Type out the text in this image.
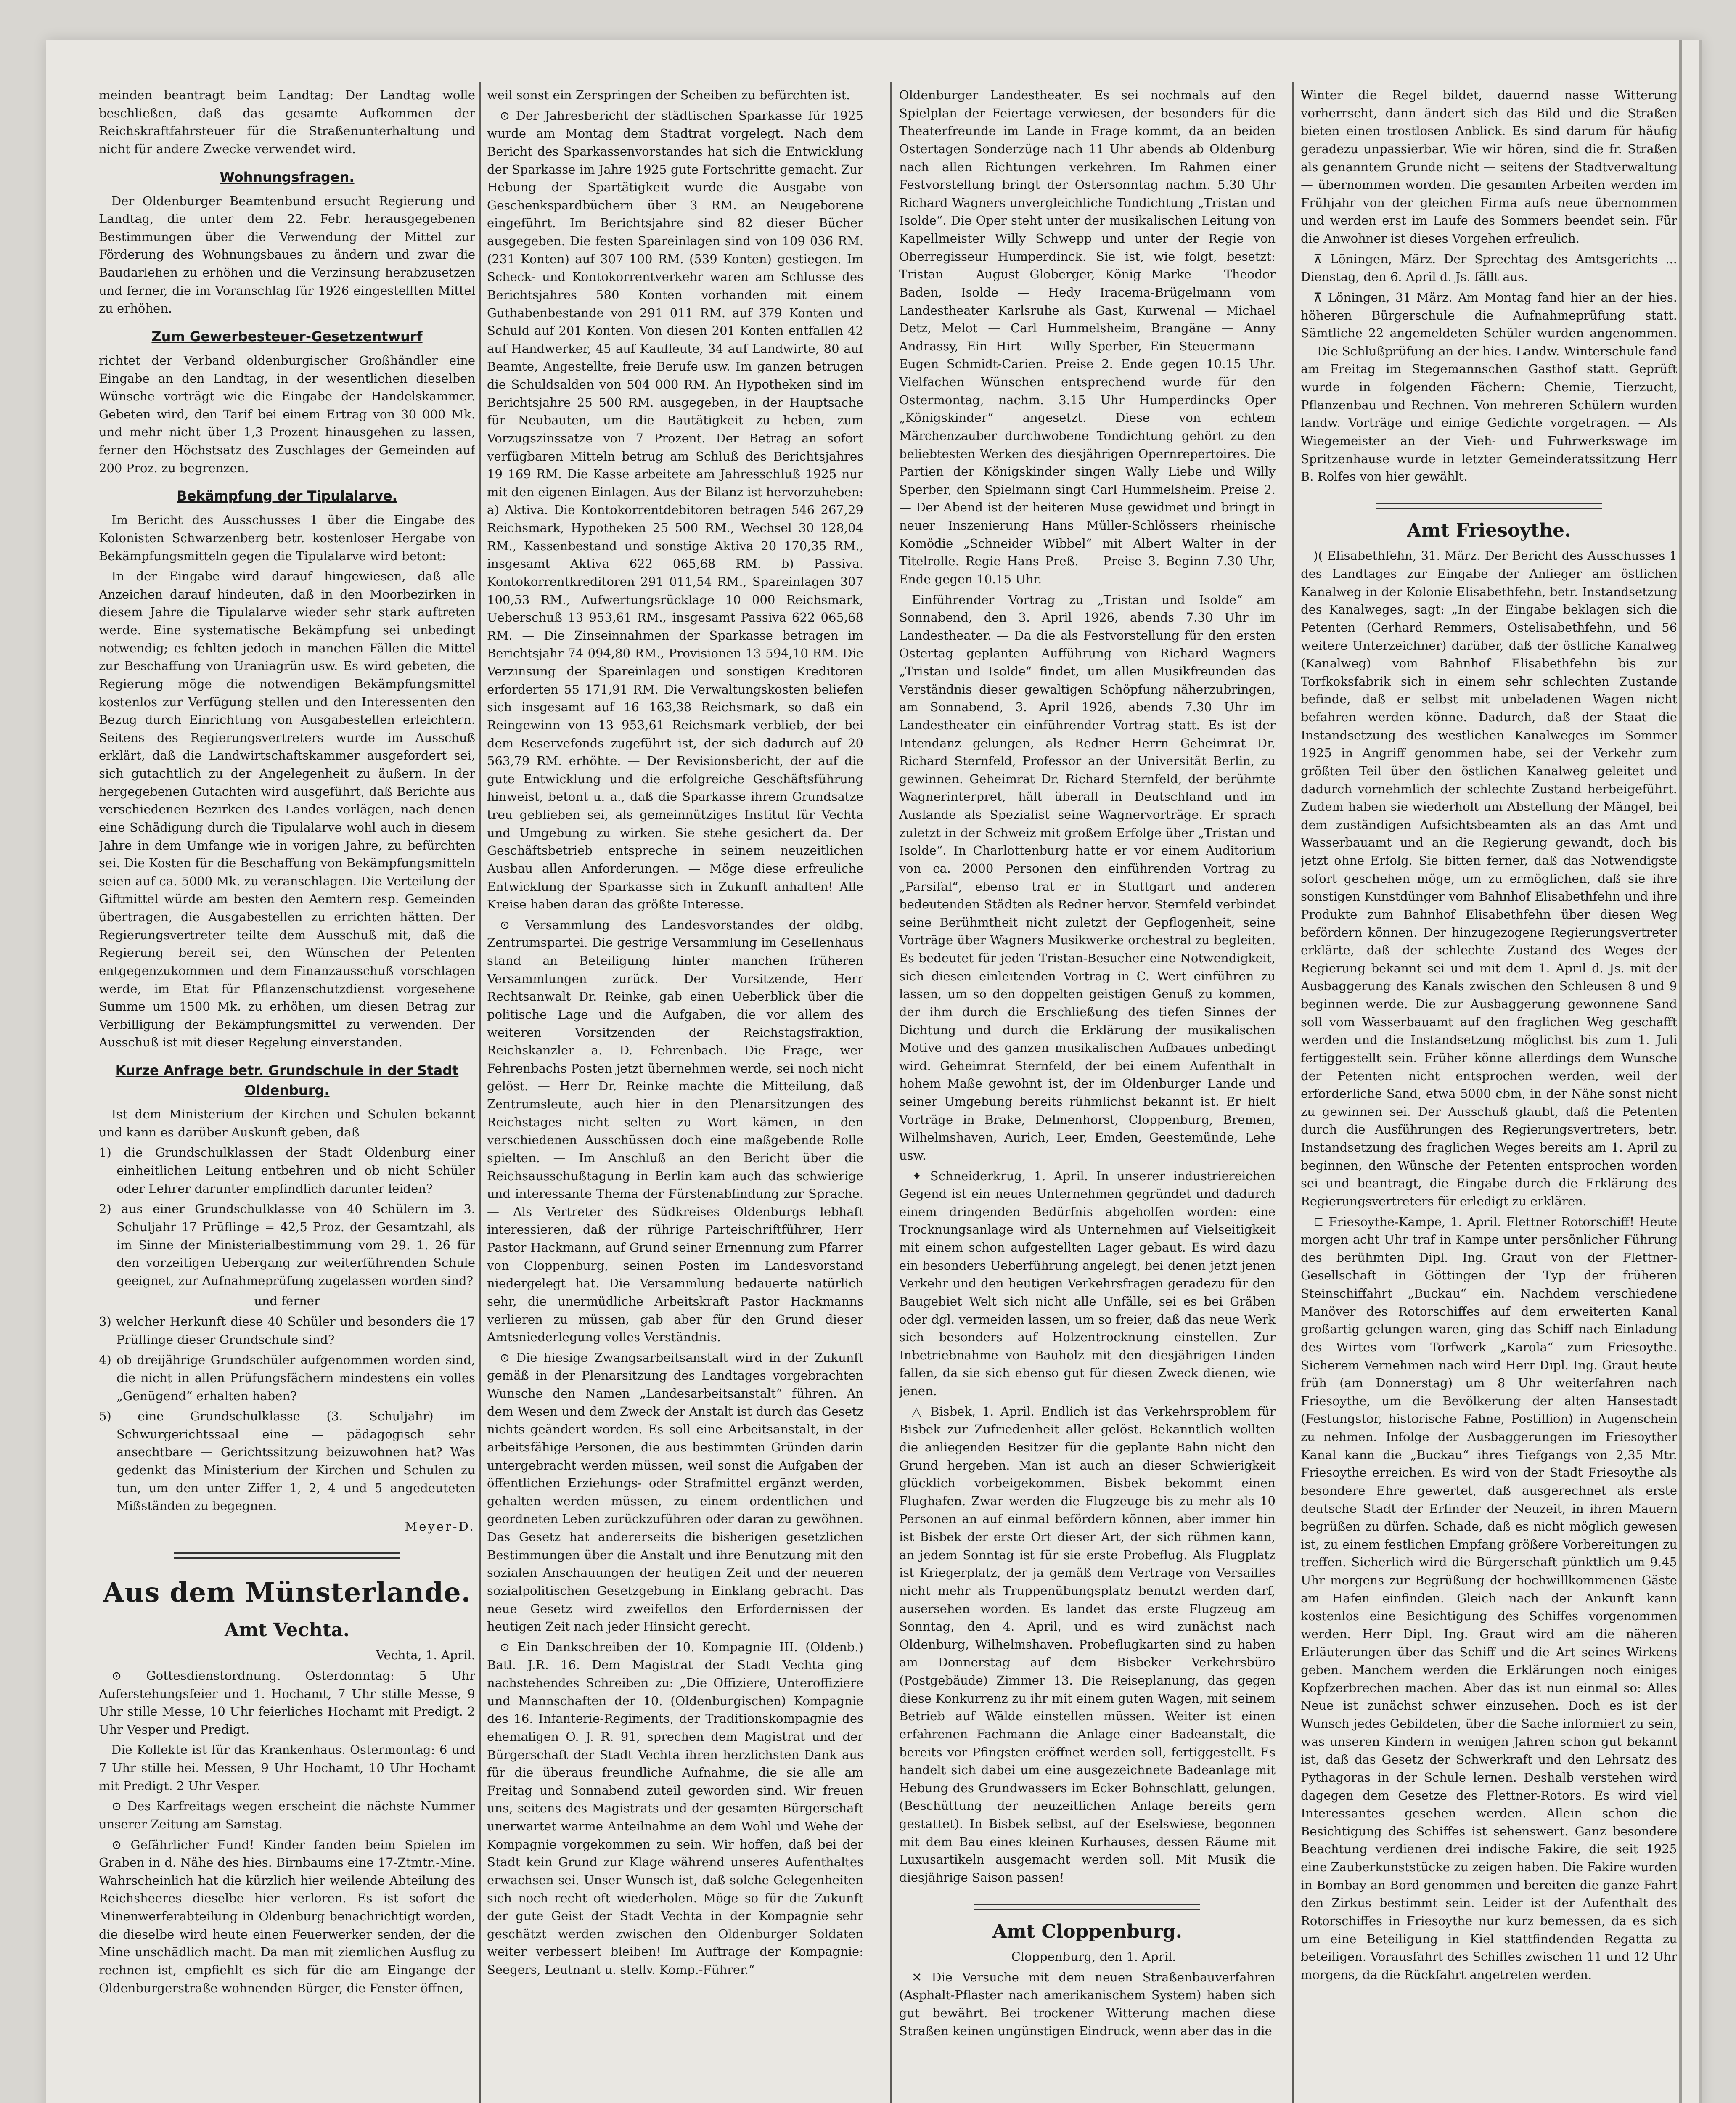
meinden beantragt beim Landtag: Der Landtag wolle beschließen, daß das gesamte Aufkommen der Reichskraftfahrsteuer für die Straßenunterhaltung und nicht für andere Zwecke verwendet wird.

Wohnungsfragen.

Der Oldenburger Beamtenbund ersucht Regierung und Landtag, die unter dem 22. Febr. herausgegebenen Bestimmungen über die Verwendung der Mittel zur Förderung des Wohnungsbaues zu ändern und zwar die Baudarlehen zu erhöhen und die Verzinsung herabzusetzen und ferner, die im Voranschlag für 1926 eingestellten Mittel zu erhöhen.

Zum Gewerbesteuer-Gesetzentwurf

richtet der Verband oldenburgischer Großhändler eine Eingabe an den Landtag, in der wesentlichen dieselben Wünsche vorträgt wie die Eingabe der Handelskammer. Gebeten wird, den Tarif bei einem Ertrag von 30 000 Mk. und mehr nicht über 1,3 Prozent hinausgehen zu lassen, ferner den Höchstsatz des Zuschlages der Gemeinden auf 200 Proz. zu begrenzen.

Bekämpfung der Tipulalarve.

Im Bericht des Ausschusses 1 über die Eingabe des Kolonisten Schwarzenberg betr. kostenloser Hergabe von Bekämpfungsmitteln gegen die Tipulalarve wird betont:

In der Eingabe wird darauf hingewiesen, daß alle Anzeichen darauf hindeuten, daß in den Moorbezirken in diesem Jahre die Tipulalarve wieder sehr stark auftreten werde. Eine systematische Bekämpfung sei unbedingt notwendig; es fehlten jedoch in manchen Fällen die Mittel zur Beschaffung von Uraniagrün usw. Es wird gebeten, die Regierung möge die notwendigen Bekämpfungsmittel kostenlos zur Verfügung stellen und den Interessenten den Bezug durch Einrichtung von Ausgabestellen erleichtern. Seitens des Regierungsvertreters wurde im Ausschuß erklärt, daß die Landwirtschaftskammer ausgefordert sei, sich gutachtlich zu der Angelegenheit zu äußern. In der hergegebenen Gutachten wird ausgeführt, daß Berichte aus verschiedenen Bezirken des Landes vorlägen, nach denen eine Schädigung durch die Tipulalarve wohl auch in diesem Jahre in dem Umfange wie in vorigen Jahre, zu befürchten sei. Die Kosten für die Beschaffung von Bekämpfungsmitteln seien auf ca. 5000 Mk. zu veranschlagen. Die Verteilung der Giftmittel würde am besten den Aemtern resp. Gemeinden übertragen, die Ausgabestellen zu errichten hätten. Der Regierungsvertreter teilte dem Ausschuß mit, daß die Regierung bereit sei, den Wünschen der Petenten entgegenzukommen und dem Finanzausschuß vorschlagen werde, im Etat für Pflanzenschutzdienst vorgesehene Summe um 1500 Mk. zu erhöhen, um diesen Betrag zur Verbilligung der Bekämpfungsmittel zu verwenden. Der Ausschuß ist mit dieser Regelung einverstanden.

Kurze Anfrage betr. Grundschule in der Stadt Oldenburg.

Ist dem Ministerium der Kirchen und Schulen bekannt und kann es darüber Auskunft geben, daß

1) die Grundschulklassen der Stadt Oldenburg einer einheitlichen Leitung entbehren und ob nicht Schüler oder Lehrer darunter empfindlich darunter leiden?

2) aus einer Grundschulklasse von 40 Schülern im 3. Schuljahr 17 Prüflinge = 42,5 Proz. der Gesamtzahl, als im Sinne der Ministerialbestimmung vom 29. 1. 26 für den vorzeitigen Uebergang zur weiterführenden Schule geeignet, zur Aufnahmeprüfung zugelassen worden sind?

und ferner

3) welcher Herkunft diese 40 Schüler und besonders die 17 Prüflinge dieser Grundschule sind?

4) ob dreijährige Grundschüler aufgenommen worden sind, die nicht in allen Prüfungsfächern mindestens ein volles „Genügend“ erhalten haben?

5) eine Grundschulklasse (3. Schuljahr) im Schwurgerichtssaal eine — pädagogisch sehr ansechtbare — Gerichtssitzung beizuwohnen hat? Was gedenkt das Ministerium der Kirchen und Schulen zu tun, um den unter Ziffer 1, 2, 4 und 5 angedeuteten Mißständen zu begegnen.

Meyer-D.

Aus dem Münsterlande.
Amt Vechta.

Vechta, 1. April.

⊙ Gottesdienstordnung. Osterdonntag: 5 Uhr Auferstehungsfeier und 1. Hochamt, 7 Uhr stille Messe, 9 Uhr stille Messe, 10 Uhr feierliches Hochamt mit Predigt. 2 Uhr Vesper und Predigt.

Die Kollekte ist für das Krankenhaus. Ostermontag: 6 und 7 Uhr stille hei. Messen, 9 Uhr Hochamt, 10 Uhr Hochamt mit Predigt. 2 Uhr Vesper.

⊙ Des Karfreitags wegen erscheint die nächste Nummer unserer Zeitung am Samstag.

⊙ Gefährlicher Fund! Kinder fanden beim Spielen im Graben in d. Nähe des hies. Birnbaums eine 17-Ztmtr.-Mine. Wahrscheinlich hat die kürzlich hier weilende Abteilung des Reichsheeres dieselbe hier verloren. Es ist sofort die Minenwerferabteilung in Oldenburg benachrichtigt worden, die dieselbe wird heute einen Feuerwerker senden, der die Mine unschädlich macht. Da man mit ziemlichen Ausflug zu rechnen ist, empfiehlt es sich für die am Eingange der Oldenburgerstraße wohnenden Bürger, die Fenster öffnen,

weil sonst ein Zerspringen der Scheiben zu befürchten ist.

⊙ Der Jahresbericht der städtischen Sparkasse für 1925 wurde am Montag dem Stadtrat vorgelegt. Nach dem Bericht des Sparkassenvorstandes hat sich die Entwicklung der Sparkasse im Jahre 1925 gute Fortschritte gemacht. Zur Hebung der Spartätigkeit wurde die Ausgabe von Geschenkspardbüchern über 3 RM. an Neugeborene eingeführt. Im Berichtsjahre sind 82 dieser Bücher ausgegeben. Die festen Spareinlagen sind von 109 036 RM. (231 Konten) auf 307 100 RM. (539 Konten) gestiegen. Im Scheck- und Kontokorrentverkehr waren am Schlusse des Berichtsjahres 580 Konten vorhanden mit einem Guthabenbestande von 291 011 RM. auf 379 Konten und Schuld auf 201 Konten. Von diesen 201 Konten entfallen 42 auf Handwerker, 45 auf Kaufleute, 34 auf Landwirte, 80 auf Beamte, Angestellte, freie Berufe usw. Im ganzen betrugen die Schuldsalden von 504 000 RM. An Hypotheken sind im Berichtsjahre 25 500 RM. ausgegeben, in der Hauptsache für Neubauten, um die Bautätigkeit zu heben, zum Vorzugszinssatze von 7 Prozent. Der Betrag an sofort verfügbaren Mitteln betrug am Schluß des Berichtsjahres 19 169 RM. Die Kasse arbeitete am Jahresschluß 1925 nur mit den eigenen Einlagen. Aus der Bilanz ist hervorzuheben: a) Aktiva. Die Kontokorrentdebitoren betragen 546 267,29 Reichsmark, Hypotheken 25 500 RM., Wechsel 30 128,04 RM., Kassenbestand und sonstige Aktiva 20 170,35 RM., insgesamt Aktiva 622 065,68 RM. b) Passiva. Kontokorrentkreditoren 291 011,54 RM., Spareinlagen 307 100,53 RM., Aufwertungsrücklage 10 000 Reichsmark, Ueberschuß 13 953,61 RM., insgesamt Passiva 622 065,68 RM. — Die Zinseinnahmen der Sparkasse betragen im Berichtsjahr 74 094,80 RM., Provisionen 13 594,10 RM. Die Verzinsung der Spareinlagen und sonstigen Kreditoren erforderten 55 171,91 RM. Die Verwaltungskosten beliefen sich insgesamt auf 16 163,38 Reichsmark, so daß ein Reingewinn von 13 953,61 Reichsmark verblieb, der bei dem Reservefonds zugeführt ist, der sich dadurch auf 20 563,79 RM. erhöhte. — Der Revisionsbericht, der auf die gute Entwicklung und die erfolgreiche Geschäftsführung hinweist, betont u. a., daß die Sparkasse ihrem Grundsatze treu geblieben sei, als gemeinnütziges Institut für Vechta und Umgebung zu wirken. Sie stehe gesichert da. Der Geschäftsbetrieb entspreche in seinem neuzeitlichen Ausbau allen Anforderungen. — Möge diese erfreuliche Entwicklung der Sparkasse sich in Zukunft anhalten! Alle Kreise haben daran das größte Interesse.

⊙ Versammlung des Landesvorstandes der oldbg. Zentrumspartei. Die gestrige Versammlung im Gesellenhaus stand an Beteiligung hinter manchen früheren Versammlungen zurück. Der Vorsitzende, Herr Rechtsanwalt Dr. Reinke, gab einen Ueberblick über die politische Lage und die Aufgaben, die vor allem des weiteren Vorsitzenden der Reichstagsfraktion, Reichskanzler a. D. Fehrenbach. Die Frage, wer Fehrenbachs Posten jetzt übernehmen werde, sei noch nicht gelöst. — Herr Dr. Reinke machte die Mitteilung, daß Zentrumsleute, auch hier in den Plenarsitzungen des Reichstages nicht selten zu Wort kämen, in den verschiedenen Ausschüssen doch eine maßgebende Rolle spielten. — Im Anschluß an den Bericht über die Reichsausschußtagung in Berlin kam auch das schwierige und interessante Thema der Fürstenabfindung zur Sprache. — Als Vertreter des Südkreises Oldenburgs lebhaft interessieren, daß der rührige Parteischriftführer, Herr Pastor Hackmann, auf Grund seiner Ernennung zum Pfarrer von Cloppenburg, seinen Posten im Landesvorstand niedergelegt hat. Die Versammlung bedauerte natürlich sehr, die unermüdliche Arbeitskraft Pastor Hackmanns verlieren zu müssen, gab aber für den Grund dieser Amtsniederlegung volles Verständnis.

⊙ Die hiesige Zwangsarbeitsanstalt wird in der Zukunft gemäß in der Plenarsitzung des Landtages vorgebrachten Wunsche den Namen „Landesarbeitsanstalt“ führen. An dem Wesen und dem Zweck der Anstalt ist durch das Gesetz nichts geändert worden. Es soll eine Arbeitsanstalt, in der arbeitsfähige Personen, die aus bestimmten Gründen darin untergebracht werden müssen, weil sonst die Aufgaben der öffentlichen Erziehungs- oder Strafmittel ergänzt werden, gehalten werden müssen, zu einem ordentlichen und geordneten Leben zurückzuführen oder daran zu gewöhnen. Das Gesetz hat andererseits die bisherigen gesetzlichen Bestimmungen über die Anstalt und ihre Benutzung mit den sozialen Anschauungen der heutigen Zeit und der neueren sozialpolitischen Gesetzgebung in Einklang gebracht. Das neue Gesetz wird zweifellos den Erfordernissen der heutigen Zeit nach jeder Hinsicht gerecht.

⊙ Ein Dankschreiben der 10. Kompagnie III. (Oldenb.) Batl. J.R. 16. Dem Magistrat der Stadt Vechta ging nachstehendes Schreiben zu: „Die Offiziere, Unteroffiziere und Mannschaften der 10. (Oldenburgischen) Kompagnie des 16. Infanterie-Regiments, der Traditionskompagnie des ehemaligen O. J. R. 91, sprechen dem Magistrat und der Bürgerschaft der Stadt Vechta ihren herzlichsten Dank aus für die überaus freundliche Aufnahme, die sie alle am Freitag und Sonnabend zuteil geworden sind. Wir freuen uns, seitens des Magistrats und der gesamten Bürgerschaft unerwartet warme Anteilnahme an dem Wohl und Wehe der Kompagnie vorgekommen zu sein. Wir hoffen, daß bei der Stadt kein Grund zur Klage während unseres Aufenthaltes erwachsen sei. Unser Wunsch ist, daß solche Gelegenheiten sich noch recht oft wiederholen. Möge so für die Zukunft der gute Geist der Stadt Vechta in der Kompagnie sehr geschätzt werden zwischen den Oldenburger Soldaten weiter verbessert bleiben! Im Auftrage der Kompagnie: Seegers, Leutnant u. stellv. Komp.-Führer.“

Oldenburger Landestheater. Es sei nochmals auf den Spielplan der Feiertage verwiesen, der besonders für die Theaterfreunde im Lande in Frage kommt, da an beiden Ostertagen Sonderzüge nach 11 Uhr abends ab Oldenburg nach allen Richtungen verkehren. Im Rahmen einer Festvorstellung bringt der Ostersonntag nachm. 5.30 Uhr Richard Wagners unvergleichliche Tondichtung „Tristan und Isolde“. Die Oper steht unter der musikalischen Leitung von Kapellmeister Willy Schwepp und unter der Regie von Oberregisseur Humperdinck. Sie ist, wie folgt, besetzt: Tristan — August Globerger, König Marke — Theodor Baden, Isolde — Hedy Iracema-Brügelmann vom Landestheater Karlsruhe als Gast, Kurwenal — Michael Detz, Melot — Carl Hummelsheim, Brangäne — Anny Andrassy, Ein Hirt — Willy Sperber, Ein Steuermann — Eugen Schmidt-Carien. Preise 2. Ende gegen 10.15 Uhr. Vielfachen Wünschen entsprechend wurde für den Ostermontag, nachm. 3.15 Uhr Humperdincks Oper „Königskinder“ angesetzt. Diese von echtem Märchenzauber durchwobene Tondichtung gehört zu den beliebtesten Werken des diesjährigen Opernrepertoires. Die Partien der Königskinder singen Wally Liebe und Willy Sperber, den Spielmann singt Carl Hummelsheim. Preise 2. — Der Abend ist der heiteren Muse gewidmet und bringt in neuer Inszenierung Hans Müller-Schlössers rheinische Komödie „Schneider Wibbel“ mit Albert Walter in der Titelrolle. Regie Hans Preß. — Preise 3. Beginn 7.30 Uhr, Ende gegen 10.15 Uhr.

Einführender Vortrag zu „Tristan und Isolde“ am Sonnabend, den 3. April 1926, abends 7.30 Uhr im Landestheater. — Da die als Festvorstellung für den ersten Ostertag geplanten Aufführung von Richard Wagners „Tristan und Isolde“ findet, um allen Musikfreunden das Verständnis dieser gewaltigen Schöpfung näherzubringen, am Sonnabend, 3. April 1926, abends 7.30 Uhr im Landestheater ein einführender Vortrag statt. Es ist der Intendanz gelungen, als Redner Herrn Geheimrat Dr. Richard Sternfeld, Professor an der Universität Berlin, zu gewinnen. Geheimrat Dr. Richard Sternfeld, der berühmte Wagnerinterpret, hält überall in Deutschland und im Auslande als Spezialist seine Wagnervorträge. Er sprach zuletzt in der Schweiz mit großem Erfolge über „Tristan und Isolde“. In Charlottenburg hatte er vor einem Auditorium von ca. 2000 Personen den einführenden Vortrag zu „Parsifal“, ebenso trat er in Stuttgart und anderen bedeutenden Städten als Redner hervor. Sternfeld verbindet seine Berühmtheit nicht zuletzt der Gepflogenheit, seine Vorträge über Wagners Musikwerke orchestral zu begleiten. Es bedeutet für jeden Tristan-Besucher eine Notwendigkeit, sich diesen einleitenden Vortrag in C. Wert einführen zu lassen, um so den doppelten geistigen Genuß zu kommen, der ihm durch die Erschließung des tiefen Sinnes der Dichtung und durch die Erklärung der musikalischen Motive und des ganzen musikalischen Aufbaues unbedingt wird. Geheimrat Sternfeld, der bei einem Aufenthalt in hohem Maße gewohnt ist, der im Oldenburger Lande und seiner Umgebung bereits rühmlichst bekannt ist. Er hielt Vorträge in Brake, Delmenhorst, Cloppenburg, Bremen, Wilhelmshaven, Aurich, Leer, Emden, Geestemünde, Lehe usw.

✦ Schneiderkrug, 1. April. In unserer industriereichen Gegend ist ein neues Unternehmen gegründet und dadurch einem dringenden Bedürfnis abgeholfen worden: eine Trocknungsanlage wird als Unternehmen auf Vielseitigkeit mit einem schon aufgestellten Lager gebaut. Es wird dazu ein besonders Ueberführung angelegt, bei denen jetzt jenen Verkehr und den heutigen Verkehrsfragen geradezu für den Baugebiet Welt sich nicht alle Unfälle, sei es bei Gräben oder dgl. vermeiden lassen, um so freier, daß das neue Werk sich besonders auf Holzentrocknung einstellen. Zur Inbetriebnahme von Bauholz mit den diesjährigen Linden fallen, da sie sich ebenso gut für diesen Zweck dienen, wie jenen.

△ Bisbek, 1. April. Endlich ist das Verkehrsproblem für Bisbek zur Zufriedenheit aller gelöst. Bekanntlich wollten die anliegenden Besitzer für die geplante Bahn nicht den Grund hergeben. Man ist auch an dieser Schwierigkeit glücklich vorbeigekommen. Bisbek bekommt einen Flughafen. Zwar werden die Flugzeuge bis zu mehr als 10 Personen an auf einmal befördern können, aber immer hin ist Bisbek der erste Ort dieser Art, der sich rühmen kann, an jedem Sonntag ist für sie erste Probeflug. Als Flugplatz ist Kriegerplatz, der ja gemäß dem Vertrage von Versailles nicht mehr als Truppenübungsplatz benutzt werden darf, ausersehen worden. Es landet das erste Flugzeug am Sonntag, den 4. April, und es wird zunächst nach Oldenburg, Wilhelmshaven. Probeflugkarten sind zu haben am Donnerstag auf dem Bisbeker Verkehrsbüro (Postgebäude) Zimmer 13. Die Reiseplanung, das gegen diese Konkurrenz zu ihr mit einem guten Wagen, mit seinem Betrieb auf Wälde einstellen müssen. Weiter ist einen erfahrenen Fachmann die Anlage einer Badeanstalt, die bereits vor Pfingsten eröffnet werden soll, fertiggestellt. Es handelt sich dabei um eine ausgezeichnete Badeanlage mit Hebung des Grundwassers im Ecker Bohnschlatt, gelungen. (Beschüttung der neuzeitlichen Anlage bereits gern gestattet). In Bisbek selbst, auf der Eselswiese, begonnen mit dem Bau eines kleinen Kurhauses, dessen Räume mit Luxusartikeln ausgemacht werden soll. Mit Musik die diesjährige Saison passen!

Amt Cloppenburg.

Cloppenburg, den 1. April.

✕ Die Versuche mit dem neuen Straßenbauverfahren (Asphalt-Pflaster nach amerikanischem System) haben sich gut bewährt. Bei trockener Witterung machen diese Straßen keinen ungünstigen Eindruck, wenn aber das in die

Winter die Regel bildet, dauernd nasse Witterung vorherrscht, dann ändert sich das Bild und die Straßen bieten einen trostlosen Anblick. Es sind darum für häufig geradezu unpassierbar. Wie wir hören, sind die fr. Straßen als genanntem Grunde nicht — seitens der Stadtverwaltung — übernommen worden. Die gesamten Arbeiten werden im Frühjahr von der gleichen Firma aufs neue übernommen und werden erst im Laufe des Sommers beendet sein. Für die Anwohner ist dieses Vorgehen erfreulich.

⊼ Löningen, März. Der Sprechtag des Amtsgerichts ... Dienstag, den 6. April d. Js. fällt aus.

⊼ Löningen, 31 März. Am Montag fand hier an der hies. höheren Bürgerschule die Aufnahmeprüfung statt. Sämtliche 22 angemeldeten Schüler wurden angenommen. — Die Schlußprüfung an der hies. Landw. Winterschule fand am Freitag im Stegemannschen Gasthof statt. Geprüft wurde in folgenden Fächern: Chemie, Tierzucht, Pflanzenbau und Rechnen. Von mehreren Schülern wurden landw. Vorträge und einige Gedichte vorgetragen. — Als Wiegemeister an der Vieh- und Fuhrwerkswage im Spritzenhause wurde in letzter Gemeinderatssitzung Herr B. Rolfes von hier gewählt.

Amt Friesoythe.

)( Elisabethfehn, 31. März. Der Bericht des Ausschusses 1 des Landtages zur Eingabe der Anlieger am östlichen Kanalweg in der Kolonie Elisabethfehn, betr. Instandsetzung des Kanalweges, sagt: „In der Eingabe beklagen sich die Petenten (Gerhard Remmers, Ostelisabethfehn, und 56 weitere Unterzeichner) darüber, daß der östliche Kanalweg (Kanalweg) vom Bahnhof Elisabethfehn bis zur Torfkoksfabrik sich in einem sehr schlechten Zustande befinde, daß er selbst mit unbeladenen Wagen nicht befahren werden könne. Dadurch, daß der Staat die Instandsetzung des westlichen Kanalweges im Sommer 1925 in Angriff genommen habe, sei der Verkehr zum größten Teil über den östlichen Kanalweg geleitet und dadurch vornehmlich der schlechte Zustand herbeigeführt. Zudem haben sie wiederholt um Abstellung der Mängel, bei dem zuständigen Aufsichtsbeamten als an das Amt und Wasserbauamt und an die Regierung gewandt, doch bis jetzt ohne Erfolg. Sie bitten ferner, daß das Notwendigste sofort geschehen möge, um zu ermöglichen, daß sie ihre sonstigen Kunstdünger vom Bahnhof Elisabethfehn und ihre Produkte zum Bahnhof Elisabethfehn über diesen Weg befördern können. Der hinzugezogene Regierungsvertreter erklärte, daß der schlechte Zustand des Weges der Regierung bekannt sei und mit dem 1. April d. Js. mit der Ausbaggerung des Kanals zwischen den Schleusen 8 und 9 beginnen werde. Die zur Ausbaggerung gewonnene Sand soll vom Wasserbauamt auf den fraglichen Weg geschafft werden und die Instandsetzung möglichst bis zum 1. Juli fertiggestellt sein. Früher könne allerdings dem Wunsche der Petenten nicht entsprochen werden, weil der erforderliche Sand, etwa 5000 cbm, in der Nähe sonst nicht zu gewinnen sei. Der Ausschuß glaubt, daß die Petenten durch die Ausführungen des Regierungsvertreters, betr. Instandsetzung des fraglichen Weges bereits am 1. April zu beginnen, den Wünsche der Petenten entsprochen worden sei und beantragt, die Eingabe durch die Erklärung des Regierungsvertreters für erledigt zu erklären.

⊏ Friesoythe-Kampe, 1. April. Flettner Rotorschiff! Heute morgen acht Uhr traf in Kampe unter persönlicher Führung des berühmten Dipl. Ing. Graut von der Flettner-Gesellschaft in Göttingen der Typ der früheren Steinschiffahrt „Buckau“ ein. Nachdem verschiedene Manöver des Rotorschiffes auf dem erweiterten Kanal großartig gelungen waren, ging das Schiff nach Einladung des Wirtes vom Torfwerk „Karola“ zum Friesoythe. Sicherem Vernehmen nach wird Herr Dipl. Ing. Graut heute früh (am Donnerstag) um 8 Uhr weiterfahren nach Friesoythe, um die Bevölkerung der alten Hansestadt (Festungstor, historische Fahne, Postillion) in Augenschein zu nehmen. Infolge der Ausbaggerungen im Friesoyther Kanal kann die „Buckau“ ihres Tiefgangs von 2,35 Mtr. Friesoythe erreichen. Es wird von der Stadt Friesoythe als besondere Ehre gewertet, daß ausgerechnet als erste deutsche Stadt der Erfinder der Neuzeit, in ihren Mauern begrüßen zu dürfen. Schade, daß es nicht möglich gewesen ist, zu einem festlichen Empfang größere Vorbereitungen zu treffen. Sicherlich wird die Bürgerschaft pünktlich um 9.45 Uhr morgens zur Begrüßung der hochwillkommenen Gäste am Hafen einfinden. Gleich nach der Ankunft kann kostenlos eine Besichtigung des Schiffes vorgenommen werden. Herr Dipl. Ing. Graut wird am die näheren Erläuterungen über das Schiff und die Art seines Wirkens geben. Manchem werden die Erklärungen noch einiges Kopfzerbrechen machen. Aber das ist nun einmal so: Alles Neue ist zunächst schwer einzusehen. Doch es ist der Wunsch jedes Gebildeten, über die Sache informiert zu sein, was unseren Kindern in wenigen Jahren schon gut bekannt ist, daß das Gesetz der Schwerkraft und den Lehrsatz des Pythagoras in der Schule lernen. Deshalb verstehen wird dagegen dem Gesetze des Flettner-Rotors. Es wird viel Interessantes gesehen werden. Allein schon die Besichtigung des Schiffes ist sehenswert. Ganz besondere Beachtung verdienen drei indische Fakire, die seit 1925 eine Zauberkunststücke zu zeigen haben. Die Fakire wurden in Bombay an Bord genommen und bereiten die ganze Fahrt den Zirkus bestimmt sein. Leider ist der Aufenthalt des Rotorschiffes in Friesoythe nur kurz bemessen, da es sich um eine Beteiligung in Kiel stattfindenden Regatta zu beteiligen. Vorausfahrt des Schiffes zwischen 11 und 12 Uhr morgens, da die Rückfahrt angetreten werden.
